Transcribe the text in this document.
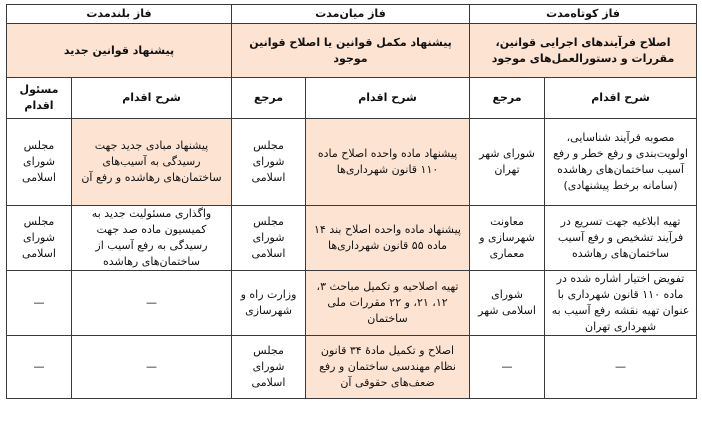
فاز کوتاه‌مدت		فاز میان‌مدت		فاز بلندمدت	
اصلاح فرآیندهای اجرایی قوانین، مقررات و دستورالعمل‌های موجود		پیشنهاد مکمل قوانین یا اصلاح قوانین موجود		پیشنهاد قوانین جدید	
شرح اقدام	مرجع	شرح اقدام	مرجع	شرح اقدام	مسئول اقدام
مصوبه فرآیند شناسایی، اولویت‌بندی و رفع خطر و رفع آسیب ساختمان‌های رهاشده (سامانه برخط پیشنهادی)	شورای شهر تهران	پیشنهاد ماده واحده اصلاح ماده ۱۱۰ قانون شهرداری‌ها	مجلس شورای اسلامی	پیشنهاد مبادی جدید جهت رسیدگی به آسیب‌های ساختمان‌های رهاشده و رفع آن	مجلس شورای اسلامی
تهیه ابلاغیه جهت تسریع در فرآیند تشخیص و رفع آسیب ساختمان‌های رهاشده	معاونت شهرسازی و معماری	پیشنهاد ماده واحده اصلاح بند ۱۴ ماده ۵۵ قانون شهرداری‌ها	مجلس شورای اسلامی	واگذاری مسئولیت جدید به کمیسیون ماده صد جهت رسیدگی به رفع آسیب از ساختمان‌های رهاشده	مجلس شورای اسلامی
تفویض اختیار اشاره شده در ماده ۱۱۰ قانون شهرداری با عنوان تهیه نقشه رفع آسیب به شهرداری تهران	شورای اسلامی شهر	تهیه اصلاحیه و تکمیل مباحث ۳، ۱۲، ۲۱، و ۲۲ مقررات ملی ساختمان	وزارت راه و شهرسازی	—	—
—	—	اصلاح و تکمیل مادهٔ ۳۴ قانون نظام مهندسی ساختمان و رفع ضعف‌های حقوقی آن	مجلس شورای اسلامی	—	—
